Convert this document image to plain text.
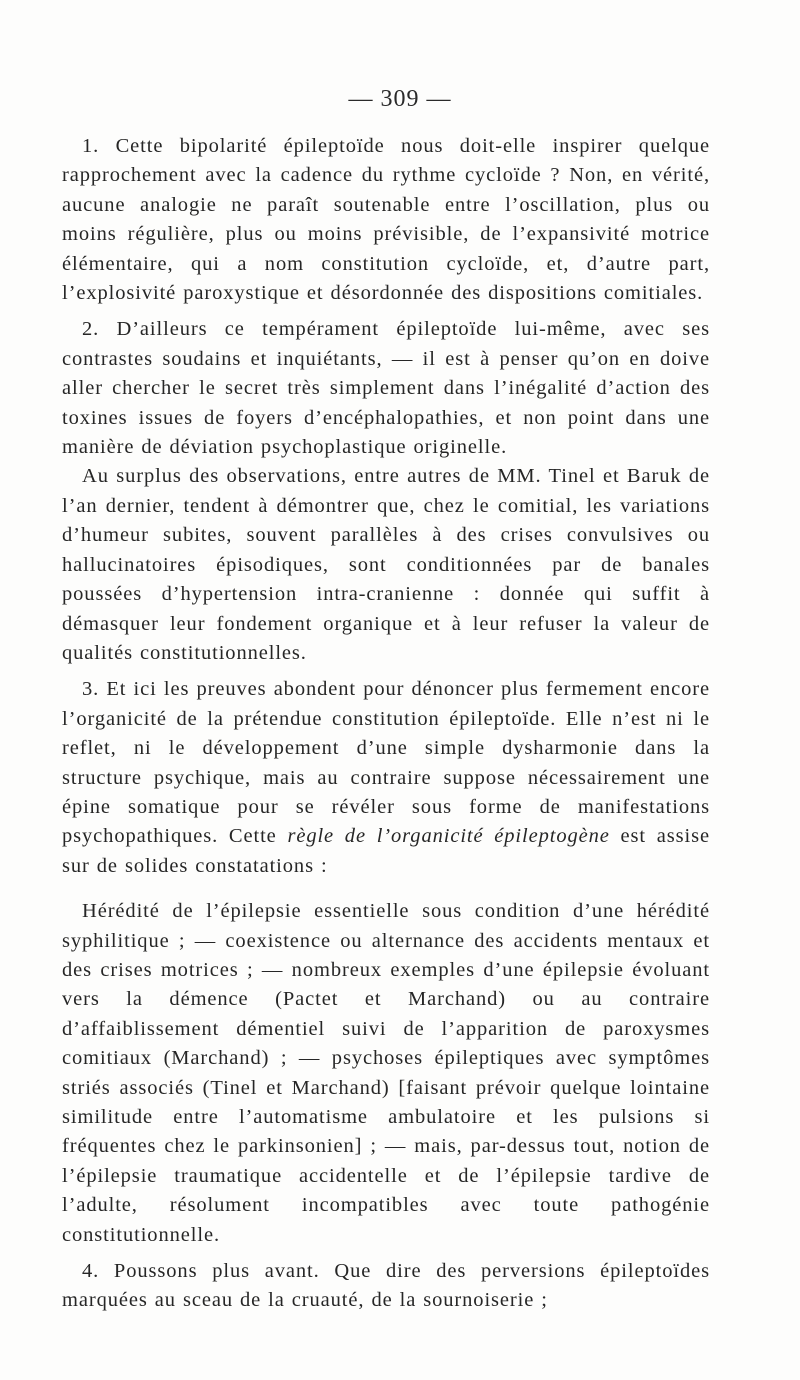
— 309 —

1. Cette bipolarité épileptoïde nous doit-elle inspirer quelque rapprochement avec la cadence du rythme cycloïde ? Non, en vérité, aucune analogie ne paraît soutenable entre l’oscillation, plus ou moins régulière, plus ou moins prévisible, de l’expansivité motrice élémentaire, qui a nom constitution cycloïde, et, d’autre part, l’explosivité paroxystique et désordonnée des dispositions comitiales.

2. D’ailleurs ce tempérament épileptoïde lui-même, avec ses contrastes soudains et inquiétants, — il est à penser qu’on en doive aller chercher le secret très simplement dans l’inégalité d’action des toxines issues de foyers d’encéphalopathies, et non point dans une manière de déviation psychoplastique originelle.

Au surplus des observations, entre autres de MM. Tinel et Baruk de l’an dernier, tendent à démontrer que, chez le comitial, les variations d’humeur subites, souvent parallèles à des crises convulsives ou hallucinatoires épisodiques, sont conditionnées par de banales poussées d’hypertension intra-cranienne : donnée qui suffit à démasquer leur fondement organique et à leur refuser la valeur de qualités constitutionnelles.

3. Et ici les preuves abondent pour dénoncer plus fermement encore l’organicité de la prétendue constitution épileptoïde. Elle n’est ni le reflet, ni le développement d’une simple dysharmonie dans la structure psychique, mais au contraire suppose nécessairement une épine somatique pour se révéler sous forme de manifestations psychopathiques. Cette règle de l’organicité épileptogène est assise sur de solides constatations :

Hérédité de l’épilepsie essentielle sous condition d’une hérédité syphilitique ; — coexistence ou alternance des accidents mentaux et des crises motrices ; — nombreux exemples d’une épilepsie évoluant vers la démence (Pactet et Marchand) ou au contraire d’affaiblissement démentiel suivi de l’apparition de paroxysmes comitiaux (Marchand) ; — psychoses épileptiques avec symptômes striés associés (Tinel et Marchand) [faisant prévoir quelque lointaine similitude entre l’automatisme ambulatoire et les pulsions si fréquentes chez le parkinsonien] ; — mais, par-dessus tout, notion de l’épilepsie traumatique accidentelle et de l’épilepsie tardive de l’adulte, résolument incompatibles avec toute pathogénie constitutionnelle.

4. Poussons plus avant. Que dire des perversions épileptoïdes marquées au sceau de la cruauté, de la sournoiserie ;
